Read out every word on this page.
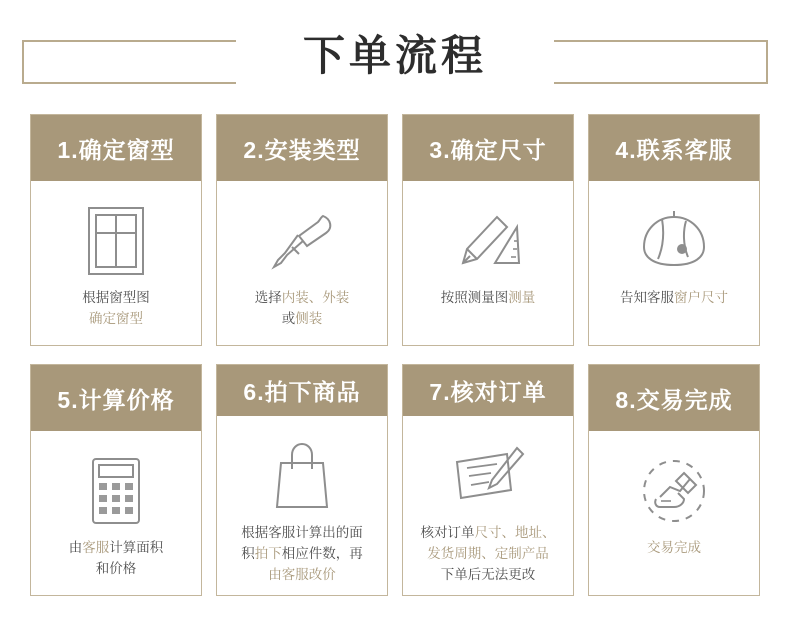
下单流程
1.确定窗型
根据窗型图
确定窗型
2.安装类型
选择内装、外装
或侧装
3.确定尺寸
按照测量图测量
4.联系客服
告知客服窗户尺寸
5.计算价格
由客服计算面积
和价格
6.拍下商品
根据客服计算出的面
积拍下相应件数，再
由客服改价
7.核对订单
核对订单尺寸、地址、
发货周期、定制产品
下单后无法更改
8.交易完成
交易完成
